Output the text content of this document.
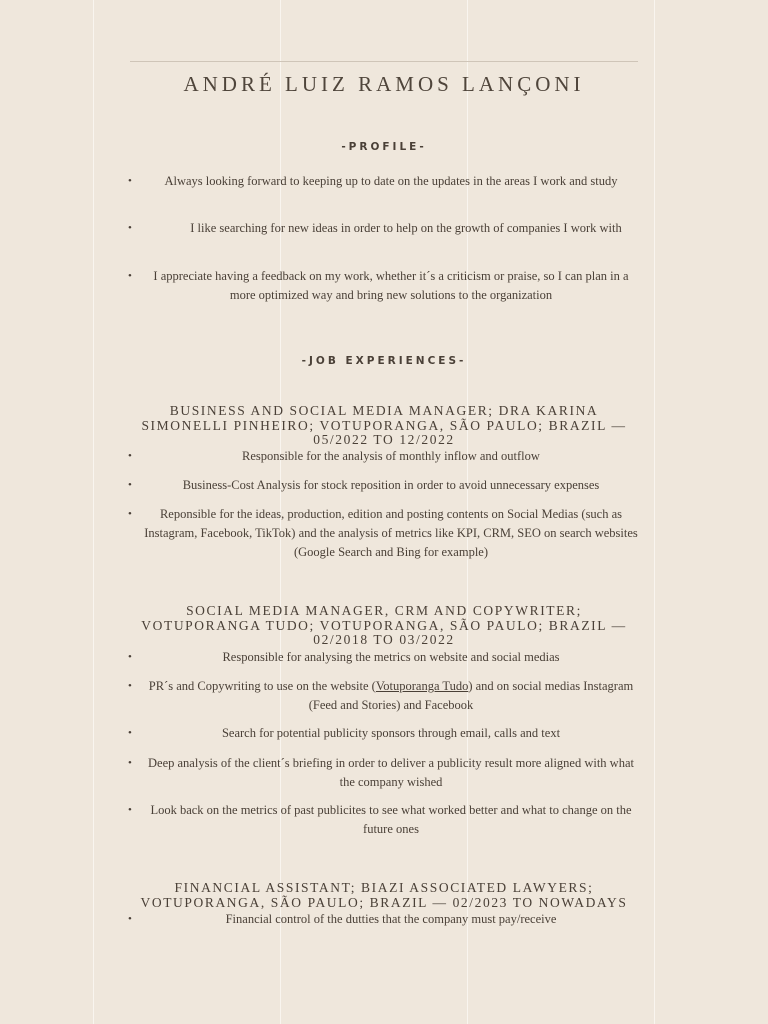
ANDRÉ LUIZ RAMOS LANÇONI
-PROFILE-
•	Always looking forward to keeping up to date on the updates in the areas I work and study
•	I like searching for new ideas in order to help on the growth of companies I work with
•	I appreciate having a feedback on my work, whether it´s a criticism or praise, so I can plan in a more optimized way and bring new solutions to the organization
-JOB EXPERIENCES-
BUSINESS AND SOCIAL MEDIA MANAGER; DRA KARINA SIMONELLI PINHEIRO; VOTUPORANGA, SÃO PAULO; BRAZIL — 05/2022 TO 12/2022
•	Responsible for the analysis of monthly inflow and outflow
•	Business-Cost Analysis for stock reposition in order to avoid unnecessary expenses
•	Reponsible for the ideas, production, edition and posting contents on Social Medias (such as Instagram, Facebook, TikTok) and the analysis of metrics like KPI, CRM, SEO on search websites (Google Search and Bing for example)
SOCIAL MEDIA MANAGER, CRM AND COPYWRITER; VOTUPORANGA TUDO; VOTUPORANGA, SÃO PAULO; BRAZIL — 02/2018 TO 03/2022
•	Responsible for analysing the metrics on website and social medias
•	PR´s and Copywriting to use on the website (Votuporanga Tudo) and on social medias Instagram (Feed and Stories) and Facebook
•	Search for potential publicity sponsors through email, calls and text
•	Deep analysis of the client´s briefing in order to deliver a publicity result more aligned with what the company wished
•	Look back on the metrics of past publicites to see what worked better and what to change on the future ones
FINANCIAL ASSISTANT; BIAZI ASSOCIATED LAWYERS; VOTUPORANGA, SÃO PAULO; BRAZIL — 02/2023 TO NOWADAYS
•	Financial control of the dutties that the company must pay/receive
